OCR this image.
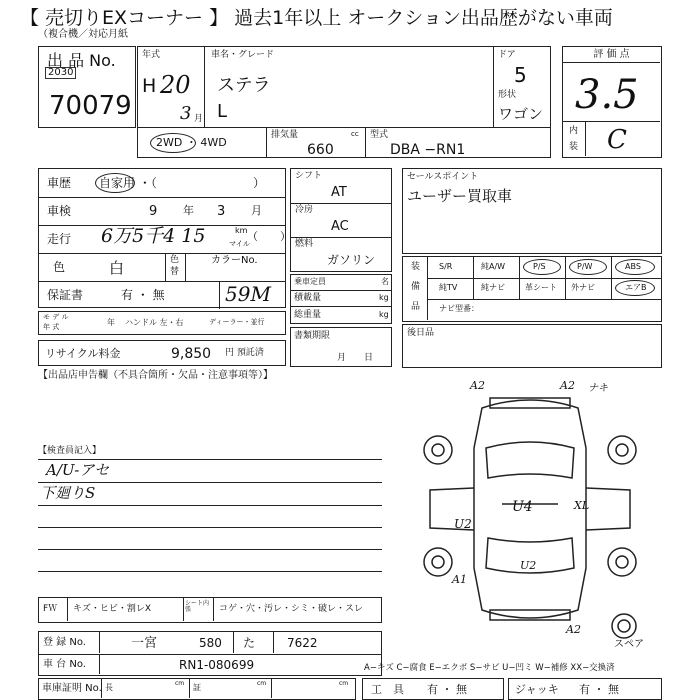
【 売切りEXコーナー 】 過去1年以上 オークション出品歴がない車両
（複合機／対応月紙
出 品 No.
2030
70079
年式
H 20
3 月
車名・グレード
ステラ
L
ドア
5
形状
ワゴン
評 価 点
3.5
内
装 C
2WD ・ 4WD
排気量	cc
660
型式
DBA −RN1
車歴 自家用 ・（	）
車検	9 年 3 月
走行 6万5千4 15	km
マイル
（　　）
色	白	色
替
カラーNo.
保証書	有 ・ 無	59M
モ デ ル
年 式	年 ハンドル 左・右	ディーラー・並行
リサイクル料金	9,850 円 預託済
【出品店申告欄（不具合箇所・欠品・注意事項等）】
シフト
AT
冷房
AC
燃料
ガソリン
乗車定員	名
積載量	kg
総重量	kg
書類期限
月　　日
セールスポイント
ユーザー買取車
装
備
品
S/R	純A/W	P/S	P/W	ABS
純TV	純ナビ	革シート 外ナビ	エアB
ナビ型番：
後日品
【検査員記入】
A/U-アセ
下廻りS
A2	A2 ナキ
U4
U2
XL
U2
A1
A2
スペア
FＷ キズ・ヒビ・割レX
シート内張	コゲ・穴・汚レ・シミ・破レ・スレ
登 録 No.	一宮	580 た	7622
車 台 No.	RN1-080699	A−キズ C−腐食 E−エクボ S−サビ U−凹ミ W−補修 XX−交換済
車庫証明 No. 長	cm 証	cm	cm 工　具 有 ・ 無	ジャッキ 有 ・ 無
